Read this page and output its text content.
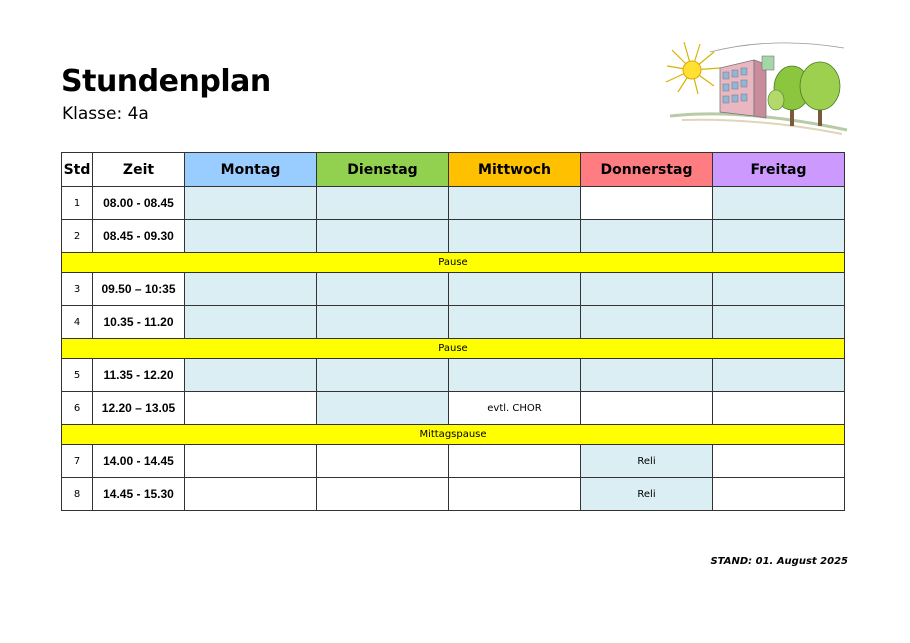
Stundenplan
Klasse: 4a
Std	Zeit	Montag	Dienstag	Mittwoch	Donnerstag	Freitag
1	08.00 - 08.45					
2	08.45 - 09.30					
Pause						
3	09.50 – 10:35					
4	10.35 - 11.20					
Pause						
5	11.35 - 12.20					
6	12.20 – 13.05			evtl. CHOR		
Mittagspause						
7	14.00 - 14.45				Reli	
8	14.45 - 15.30				Reli	
STAND: 01. August 2025
